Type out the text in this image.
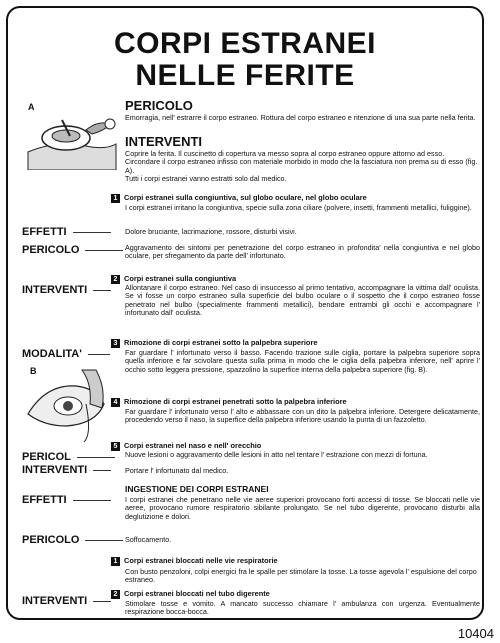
CORPI ESTRANEI
NELLE FERITE
A	PERICOLO
Emorragia, nell' estrarre il corpo estraneo. Rottura del corpo estraneo e ritenzione di una sua parte nella ferita.
INTERVENTI

Coprire la ferita. Il cuscinetto di copertura va messo sopra al corpo estraneo oppure attorno ad esso.

Circondare il corpo estraneo infisso con materiale morbido in modo che la fasciatura non prema su di esso (fig. A).

Tutti i corpi estranei vanno estratti solo dal medico.

1 Corpi estranei sulla congiuntiva, sul globo oculare, nel globo oculare
I corpi estranei irritano la congiuntiva, specie sulla zona ciliare (polvere, insetti, frammenti metallici, fuliggine).
EFFETTI	Dolore bruciante, lacrimazione, rossore, disturbi visivi.
PERICOLO	Aggravamento dei sintomi per penetrazione del corpo estraneo in profondita' nella congiuntiva e nel globo oculare, per sfregamento da parte dell' infortunato.
2 Corpi estranei sulla congiuntiva
INTERVENTI	Allontanare il corpo estraneo. Nel caso di insuccesso al primo tentativo, accompagnare la vittima dall' oculista. Se vi fosse un corpo estraneo sulla superficie del bulbo oculare o il sospetto che il corpo estraneo fosse penetrato nel bulbo (specialmente frammenti metallici), bendare entrambi gli occhi e accompagnare l' infortunato dall' oculista.
3 Rimozione di corpi estranei sotto la palpebra superiore
MODALITA'	Far guardare l' infortunato verso il basso. Facendo trazione sulle ciglia, portare la palpebra superiore sopra quella inferiore e far scivolare questa sulla prima in modo che le ciglia della palpebra inferiore, nell' aprire l' occhio sotto leggera pressione, spazzolino la superfice interna della palpebra superiore (fig. B).
B
4 Rimozione di corpi estranei penetrati sotto la palpebra inferiore
Far guardare l' infortunato verso l' alto e abbassare con un dito la palpebra inferiore. Detergere delicatamente, procedendo verso il naso, la superfice della palpebra inferiore usando la punta di un fazzoletto.
5 Corpi estranei nel naso e nell' orecchio
PERICOL	Nuove lesioni o aggravamento delle lesioni in atto nel tentare l' estrazione con mezzi di fortuna.
INTERVENTI	Portare l' infortunato dal medico.
INGESTIONE DEI CORPI ESTRANEI
EFFETTI	I corpi estranei che penetrano nelle vie aeree superiori provocano forti accessi di tosse. Se bloccati nelle vie aeree, provocano rumore respiratorio sibilante prolungato. Se nel tubo digerente, provocano disturbi alla deglutizione e dolori.
PERICOLO	Soffocamento.
1 Corpi estranei bloccati nelle vie respiratorie
Con busto penzoloni, colpi energici fra le spalle per stimolare la tosse. La tosse agevola l' espulsione del corpo estraneo.
2 Corpi estranei bloccati nel tubo digerente
INTERVENTI	Stimolare tosse e vomito. A mancato successo chiamare l' ambulanza con urgenza. Eventualmente respirazione bocca-bocca.
10404
